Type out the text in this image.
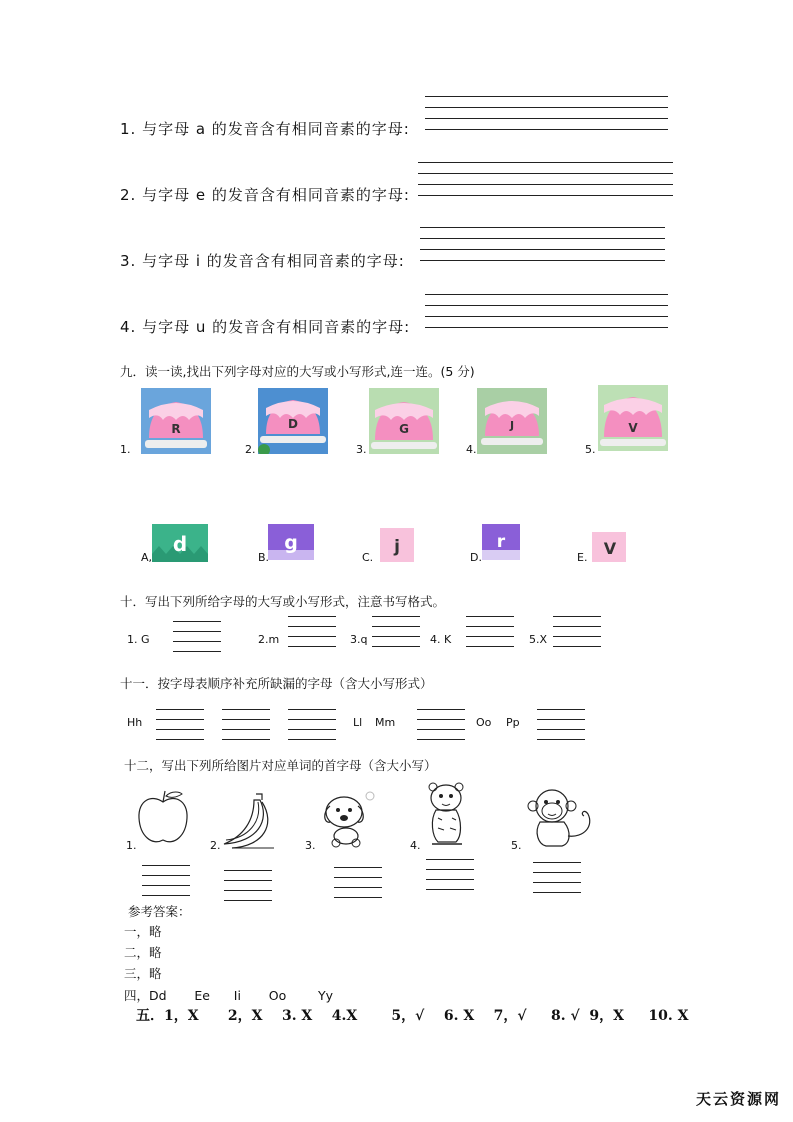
1. 与字母 a 的发音含有相同音素的字母:
2. 与字母 e 的发音含有相同音素的字母:
3. 与字母 i 的发音含有相同音素的字母:
4. 与字母 u 的发音含有相同音素的字母:
九．读一读,找出下列字母对应的大写或小写形式,连一连。(5 分)
R	D	G	J	V
1.	2.	3.	4.	5.
d	g	j	r	V
A,	B.	C.	D.	E.
十．写出下列所给字母的大写或小写形式，注意书写格式。
1. G	2.m	3.q	4. K	5.X
十一．按字母表顺序补充所缺漏的字母（含大小写形式）
Hh	Ll Mm	Oo Pp
十二，写出下列所给图片对应单词的首字母（含大小写）
1.	2.	3.	4.	5.
参考答案：
一，略
二，略
三，略
四，Dd       Ee      Ii       Oo        Yy
五．1，X      2，X    3. X    4.X       5，√    6. X    7，√     8. √  9，X     10. X
天云资源网
